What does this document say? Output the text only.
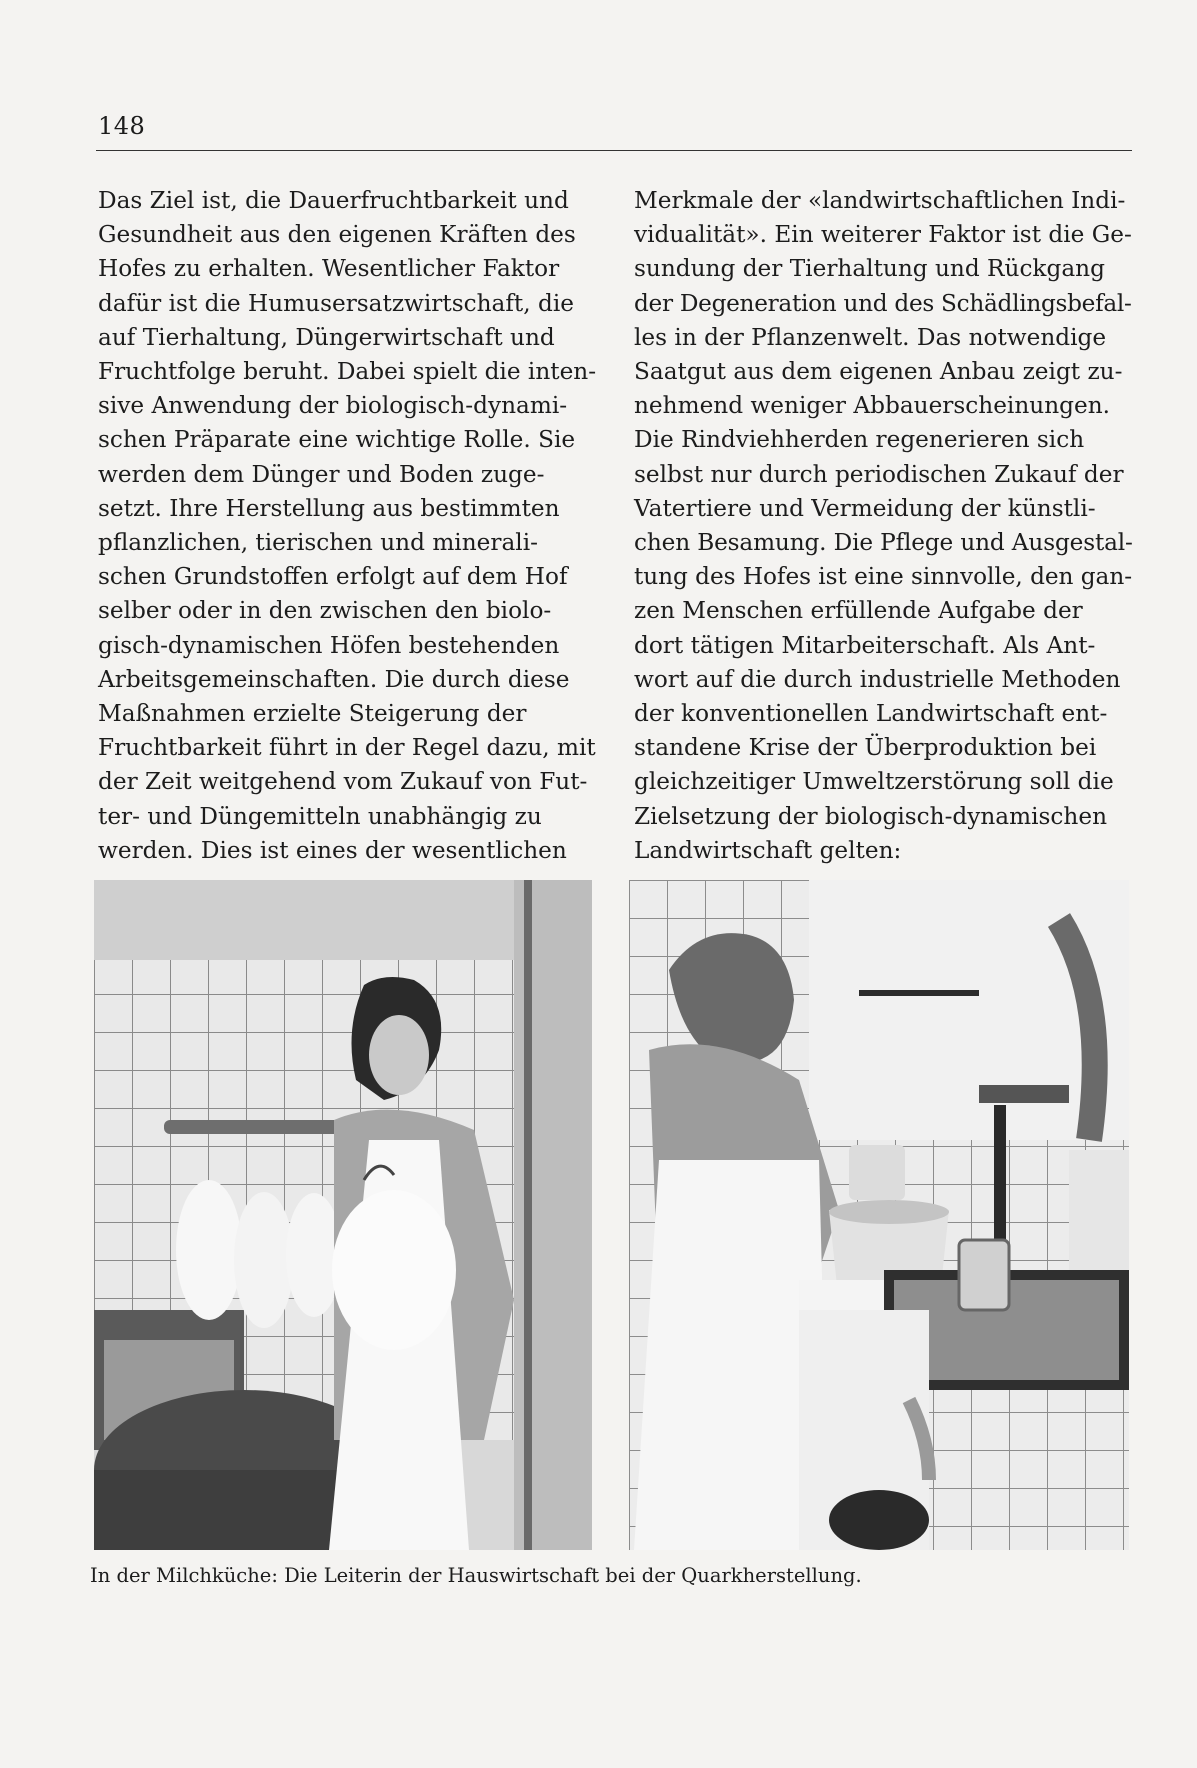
148
Das Ziel ist, die Dauerfruchtbarkeit und
Gesundheit aus den eigenen Kräften des
Hofes zu erhalten. Wesentlicher Faktor
dafür ist die Humusersatzwirtschaft, die
auf Tierhaltung, Düngerwirtschaft und
Fruchtfolge beruht. Dabei spielt die inten-
sive Anwendung der biologisch-dynami-
schen Präparate eine wichtige Rolle. Sie
werden dem Dünger und Boden zuge-
setzt. Ihre Herstellung aus bestimmten
pflanzlichen, tierischen und minerali-
schen Grundstoffen erfolgt auf dem Hof
selber oder in den zwischen den biolo-
gisch-dynamischen Höfen bestehenden
Arbeitsgemeinschaften. Die durch diese
Maßnahmen erzielte Steigerung der
Fruchtbarkeit führt in der Regel dazu, mit
der Zeit weitgehend vom Zukauf von Fut-
ter- und Düngemitteln unabhängig zu
werden. Dies ist eines der wesentlichen
Merkmale der «landwirtschaftlichen Indi-
vidualität». Ein weiterer Faktor ist die Ge-
sundung der Tierhaltung und Rückgang
der Degeneration und des Schädlingsbefal-
les in der Pflanzenwelt. Das notwendige
Saatgut aus dem eigenen Anbau zeigt zu-
nehmend weniger Abbauerscheinungen.
Die Rindviehherden regenerieren sich
selbst nur durch periodischen Zukauf der
Vatertiere und Vermeidung der künstli-
chen Besamung. Die Pflege und Ausgestal-
tung des Hofes ist eine sinnvolle, den gan-
zen Menschen erfüllende Aufgabe der
dort tätigen Mitarbeiterschaft. Als Ant-
wort auf die durch industrielle Methoden
der konventionellen Landwirtschaft ent-
standene Krise der Überproduktion bei
gleichzeitiger Umweltzerstörung soll die
Zielsetzung der biologisch-dynamischen
Landwirtschaft gelten:
In der Milchküche: Die Leiterin der Hauswirtschaft bei der Quarkherstellung.
